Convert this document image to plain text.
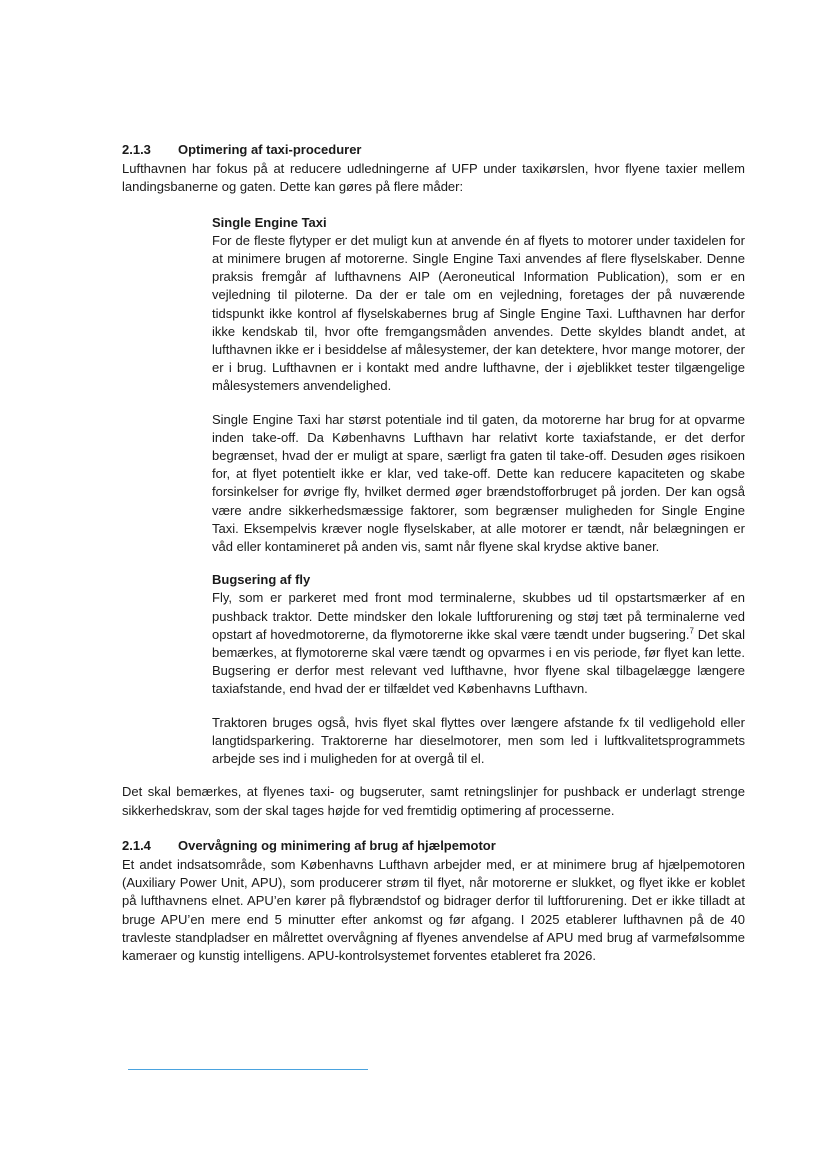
2.1.3 Optimering af taxi-procedurer

Lufthavnen har fokus på at reducere udledningerne af UFP under taxikørslen, hvor flyene taxier mellem landingsbanerne og gaten. Dette kan gøres på flere måder:

Single Engine Taxi

For de fleste flytyper er det muligt kun at anvende én af flyets to motorer under taxidelen for at minimere brugen af motorerne. Single Engine Taxi anvendes af flere flyselskaber. Denne praksis fremgår af lufthavnens AIP (Aeroneutical Information Publication), som er en vejledning til piloterne. Da der er tale om en vejledning, foretages der på nuværende tidspunkt ikke kontrol af flyselskabernes brug af Single Engine Taxi. Lufthavnen har derfor ikke kendskab til, hvor ofte fremgangsmåden anvendes. Dette skyldes blandt andet, at lufthavnen ikke er i besiddelse af målesystemer, der kan detektere, hvor mange motorer, der er i brug. Lufthavnen er i kontakt med andre lufthavne, der i øjeblikket tester tilgængelige målesystemers anvendelighed.

Single Engine Taxi har størst potentiale ind til gaten, da motorerne har brug for at opvarme inden take-off. Da Københavns Lufthavn har relativt korte taxiafstande, er det derfor begrænset, hvad der er muligt at spare, særligt fra gaten til take-off. Desuden øges risikoen for, at flyet potentielt ikke er klar, ved take-off. Dette kan reducere kapaciteten og skabe forsinkelser for øvrige fly, hvilket dermed øger brændstofforbruget på jorden. Der kan også være andre sikkerhedsmæssige faktorer, som begrænser muligheden for Single Engine Taxi. Eksempelvis kræver nogle flyselskaber, at alle motorer er tændt, når belægningen er våd eller kontamineret på anden vis, samt når flyene skal krydse aktive baner.

Bugsering af fly

Fly, som er parkeret med front mod terminalerne, skubbes ud til opstartsmærker af en pushback traktor. Dette mindsker den lokale luftforurening og støj tæt på terminalerne ved opstart af hovedmotorerne, da flymotorerne ikke skal være tændt under bugsering.$^7$ Det skal bemærkes, at flymotorerne skal være tændt og opvarmes i en vis periode, før flyet kan lette. Bugsering er derfor mest relevant ved lufthavne, hvor flyene skal tilbagelægge længere taxiafstande, end hvad der er tilfældet ved Københavns Lufthavn.

Traktoren bruges også, hvis flyet skal flyttes over længere afstande fx til vedligehold eller langtidsparkering. Traktorerne har dieselmotorer, men som led i luftkvalitetsprogrammets arbejde ses ind i muligheden for at overgå til el.

Det skal bemærkes, at flyenes taxi- og bugseruter, samt retningslinjer for pushback er underlagt strenge sikkerhedskrav, som der skal tages højde for ved fremtidig optimering af processerne.

2.1.4 Overvågning og minimering af brug af hjælpemotor

Et andet indsatsområde, som Københavns Lufthavn arbejder med, er at minimere brug af hjælpemotoren (Auxiliary Power Unit, APU), som producerer strøm til flyet, når motorerne er slukket, og flyet ikke er koblet på lufthavnens elnet. APU’en kører på flybrændstof og bidrager derfor til luftforurening. Det er ikke tilladt at bruge APU’en mere end 5 minutter efter ankomst og før afgang. I 2025 etablerer lufthavnen på de 40 travleste standpladser en målrettet overvågning af flyenes anvendelse af APU med brug af varmefølsomme kameraer og kunstig intelligens. APU-kontrolsystemet forventes etableret fra 2026.
